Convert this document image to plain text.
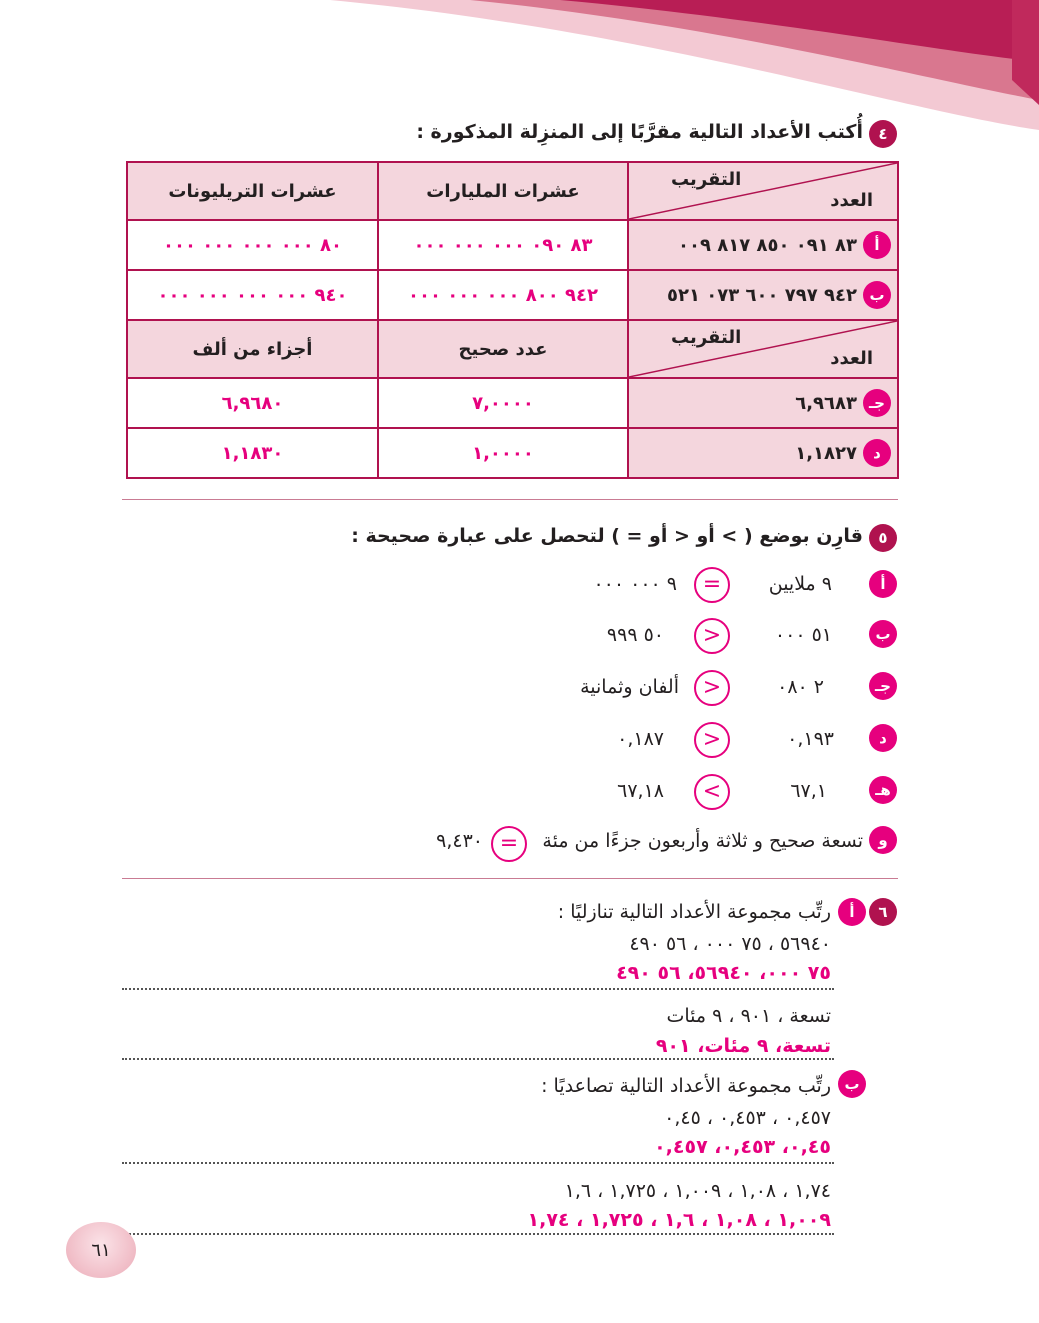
٤
أُكتب الأعداد التالية مقرَّبًا إلى المنزِلة المذكورة :
التقريب
العدد	عشرات المليارات	عشرات التريليونات

أ
٨٣ ٠٩١ ٨٥٠ ٨١٧ ٠٠٩	٨٣ ٠٩٠ ٠٠٠ ٠٠٠ ٠٠٠	٨٠ ٠٠٠ ٠٠٠ ٠٠٠ ٠٠٠

ب
٩٤٢ ٧٩٧ ٦٠٠ ٠٧٣ ٥٢١	٩٤٢ ٨٠٠ ٠٠٠ ٠٠٠ ٠٠٠	٩٤٠ ٠٠٠ ٠٠٠ ٠٠٠ ٠٠٠

التقريب
العدد	عدد صحيح	أجزاء من ألف

جـ
٦,٩٦٨٣	٧,٠٠٠٠	٦,٩٦٨٠

د
١,١٨٢٧	١,٠٠٠٠	١,١٨٣٠
٥
قارِن بوضع ( > أو < أو = ) لتحصل على عبارة صحيحة :
أ
٩ ملايين
=
٩ ٠٠٠ ٠٠٠
ب
٥١ ٠٠٠
>
٥٠ ٩٩٩
جـ
٢ ٠٨٠
>
ألفان وثمانية
د
٠,١٩٣
>
٠,١٨٧
هـ
٦٧,١
<
٦٧,١٨
و
تسعة صحيح و ثلاثة وأربعون جزءًا من مئة
=
٩,٤٣٠
٦
أ
رتِّب مجموعة الأعداد التالية تنازليًا :
٥٦٩٤٠ ، ٧٥ ٠٠٠ ، ٥٦ ٤٩٠
٧٥ ٠٠٠، ٥٦٩٤٠، ٥٦ ٤٩٠
تسعة ، ٩٠١ ، ٩ مئات
تسعة، ٩ مئات، ٩٠١
ب
رتِّب مجموعة الأعداد التالية تصاعديًا :
٠,٤٥٧ ، ٠,٤٥٣ ، ٠,٤٥
٠,٤٥، ٠,٤٥٣، ٠,٤٥٧
١,٧٤ ، ١,٠٨ ، ١,٠٠٩ ، ١,٧٢٥ ، ١,٦
١,٠٠٩ ، ١,٠٨ ، ١,٦ ، ١,٧٢٥ ، ١,٧٤
٦١
